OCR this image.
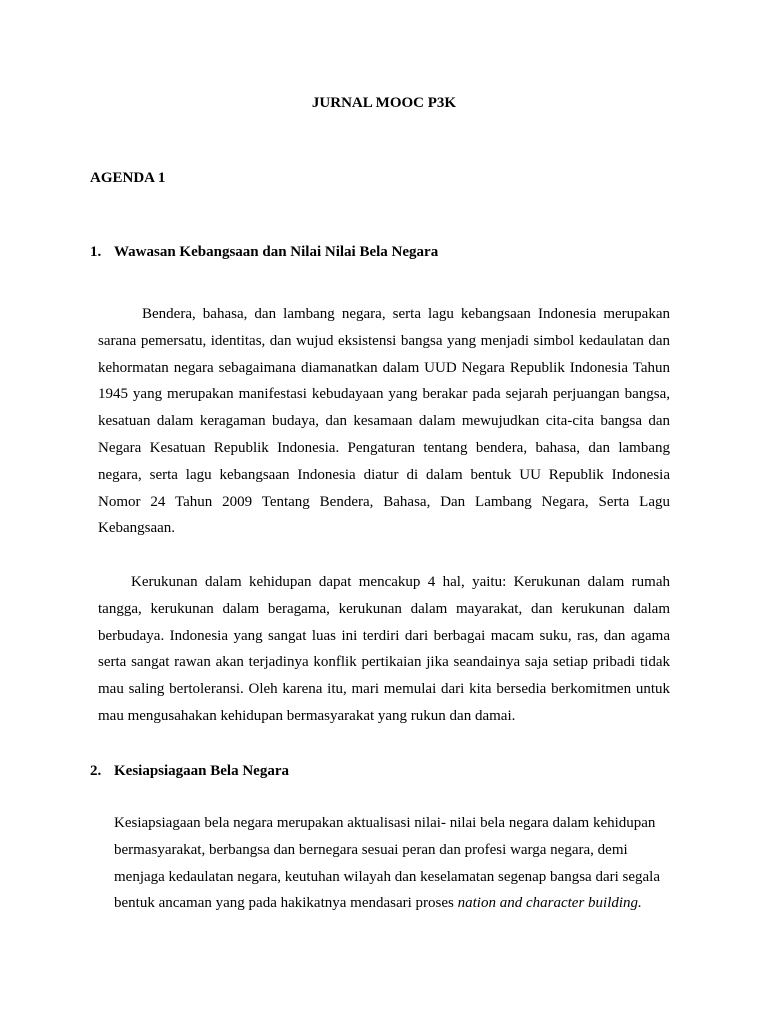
JURNAL MOOC P3K
AGENDA 1
1. Wawasan Kebangsaan dan Nilai Nilai Bela Negara

Bendera, bahasa, dan lambang negara, serta lagu kebangsaan Indonesia merupakan sarana pemersatu, identitas, dan wujud eksistensi bangsa yang menjadi simbol kedaulatan dan kehormatan negara sebagaimana diamanatkan dalam UUD Negara Republik Indonesia Tahun 1945 yang merupakan manifestasi kebudayaan yang berakar pada sejarah perjuangan bangsa, kesatuan dalam keragaman budaya, dan kesamaan dalam mewujudkan cita-cita bangsa dan Negara Kesatuan Republik Indonesia. Pengaturan tentang bendera, bahasa, dan lambang negara, serta lagu kebangsaan Indonesia diatur di dalam bentuk UU Republik Indonesia Nomor 24 Tahun 2009 Tentang Bendera, Bahasa, Dan Lambang Negara, Serta Lagu Kebangsaan.

Kerukunan dalam kehidupan dapat mencakup 4 hal, yaitu: Kerukunan dalam rumah tangga, kerukunan dalam beragama, kerukunan dalam mayarakat, dan kerukunan dalam berbudaya. Indonesia yang sangat luas ini terdiri dari berbagai macam suku, ras, dan agama serta sangat rawan akan terjadinya konflik pertikaian jika seandainya saja setiap pribadi tidak mau saling bertoleransi. Oleh karena itu, mari memulai dari kita bersedia berkomitmen untuk mau mengusahakan kehidupan bermasyarakat yang rukun dan damai.

2. Kesiapsiagaan Bela Negara

Kesiapsiagaan bela negara merupakan aktualisasi nilai- nilai bela negara dalam kehidupan
bermasyarakat, berbangsa dan bernegara sesuai peran dan profesi warga negara, demi
menjaga kedaulatan negara, keutuhan wilayah dan keselamatan segenap bangsa dari segala
bentuk ancaman yang pada hakikatnya mendasari proses nation and character building.
